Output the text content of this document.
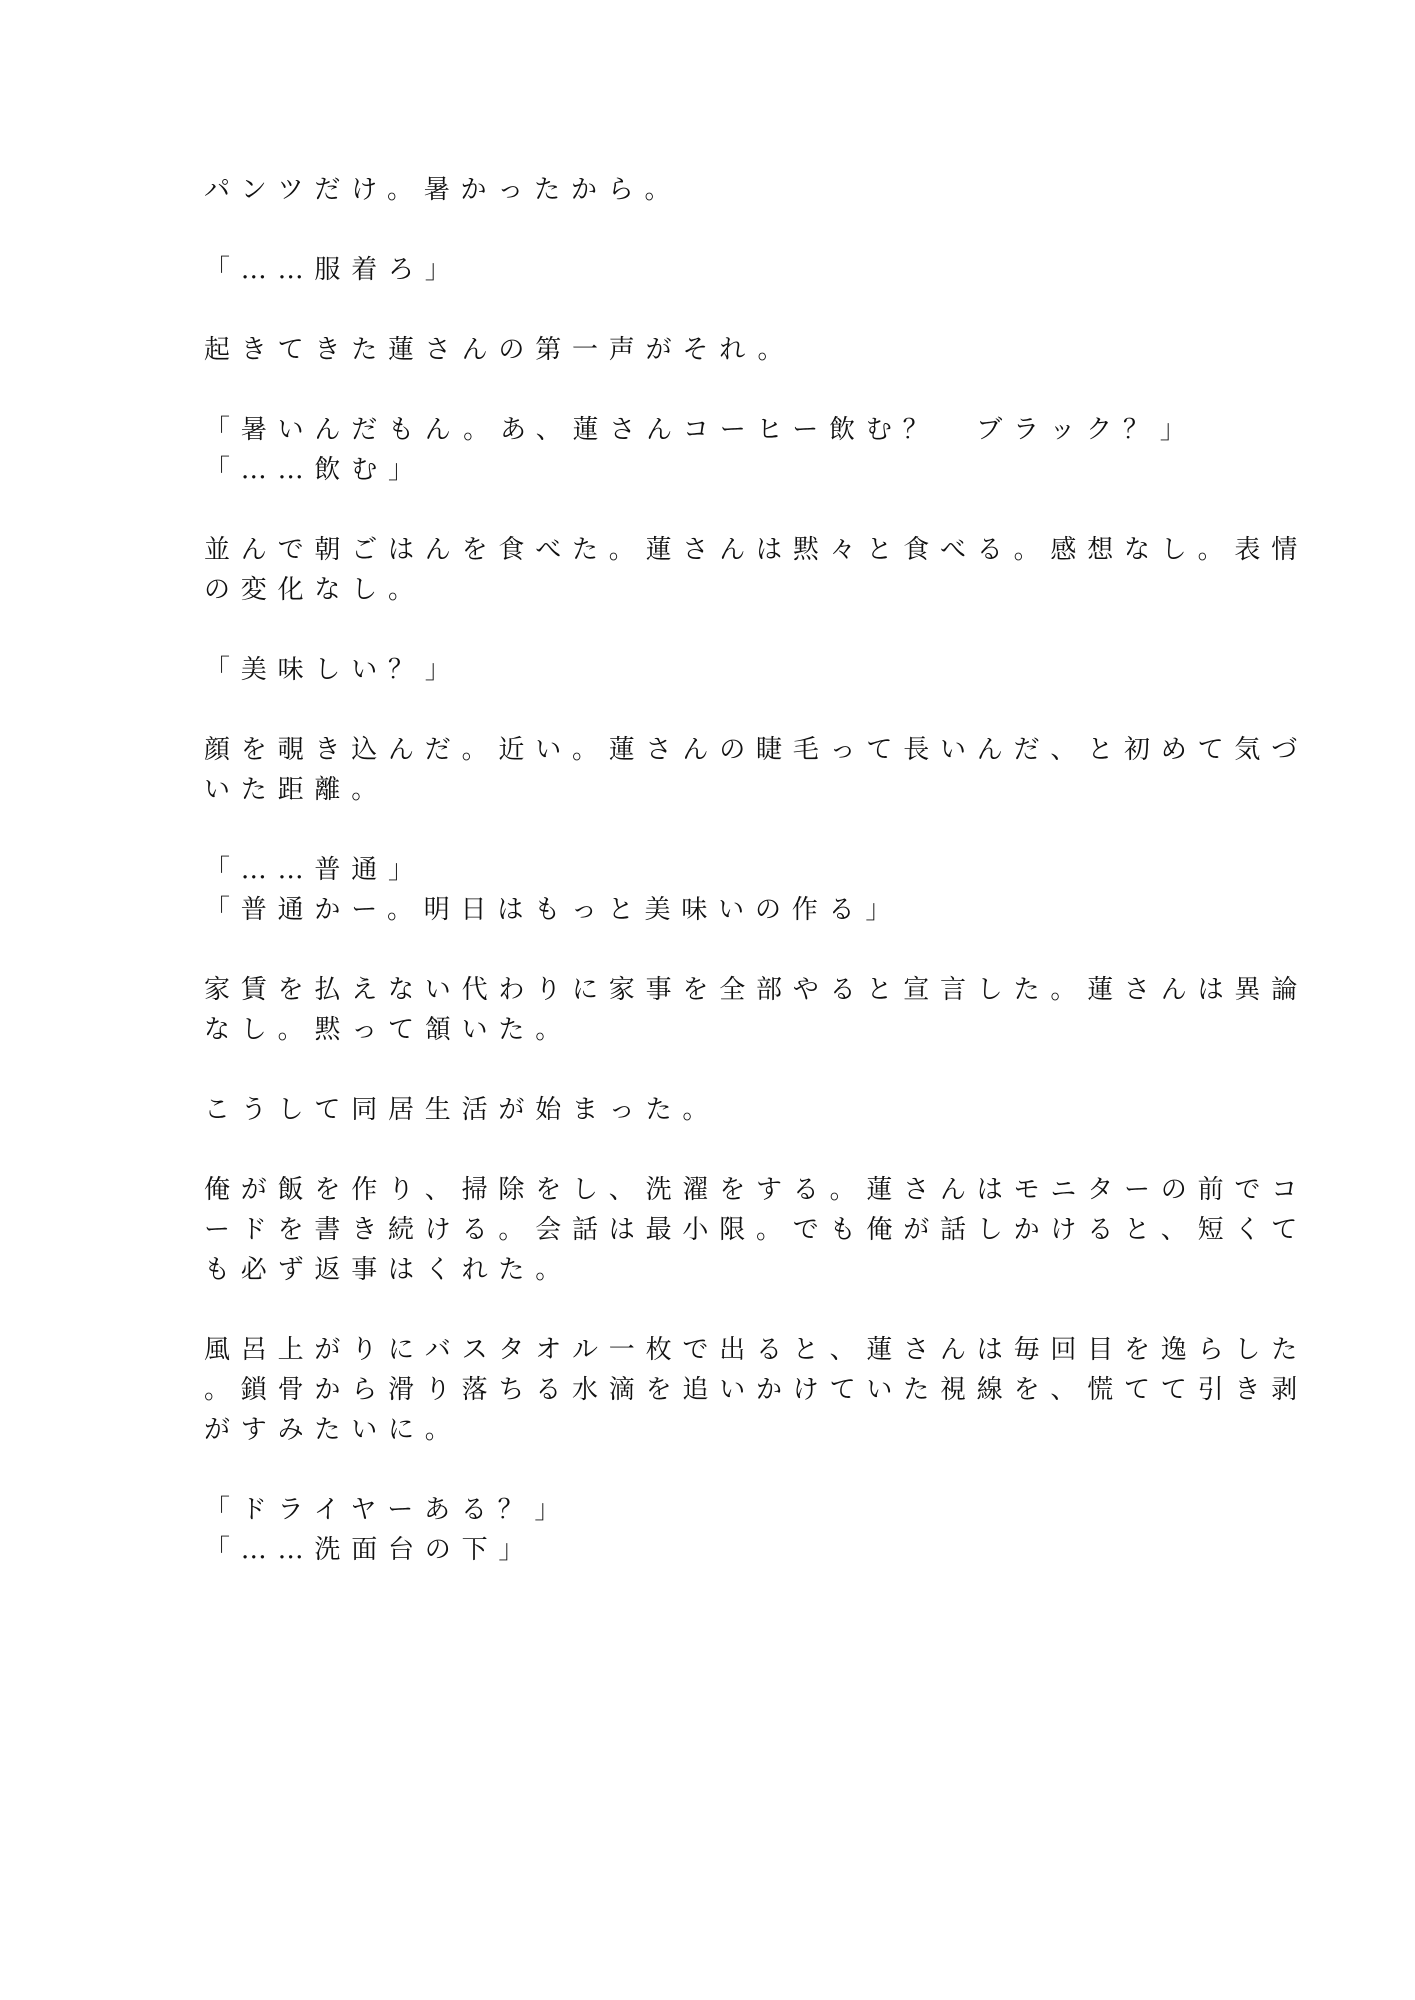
パンツだけ。暑かったから。
「……服着ろ」
起きてきた蓮さんの第一声がそれ。
「暑いんだもん。あ、蓮さんコーヒー飲む？　ブラック？」
「……飲む」
並んで朝ごはんを食べた。蓮さんは黙々と食べる。感想なし。表情
の変化なし。
「美味しい？」
顔を覗き込んだ。近い。蓮さんの睫毛って長いんだ、と初めて気づ
いた距離。
「……普通」
「普通かー。明日はもっと美味いの作る」
家賃を払えない代わりに家事を全部やると宣言した。蓮さんは異論
なし。黙って頷いた。
こうして同居生活が始まった。
俺が飯を作り、掃除をし、洗濯をする。蓮さんはモニターの前でコ
ードを書き続ける。会話は最小限。でも俺が話しかけると、短くて
も必ず返事はくれた。
風呂上がりにバスタオル一枚で出ると、蓮さんは毎回目を逸らした
。鎖骨から滑り落ちる水滴を追いかけていた視線を、慌てて引き剥
がすみたいに。
「ドライヤーある？」
「……洗面台の下」
